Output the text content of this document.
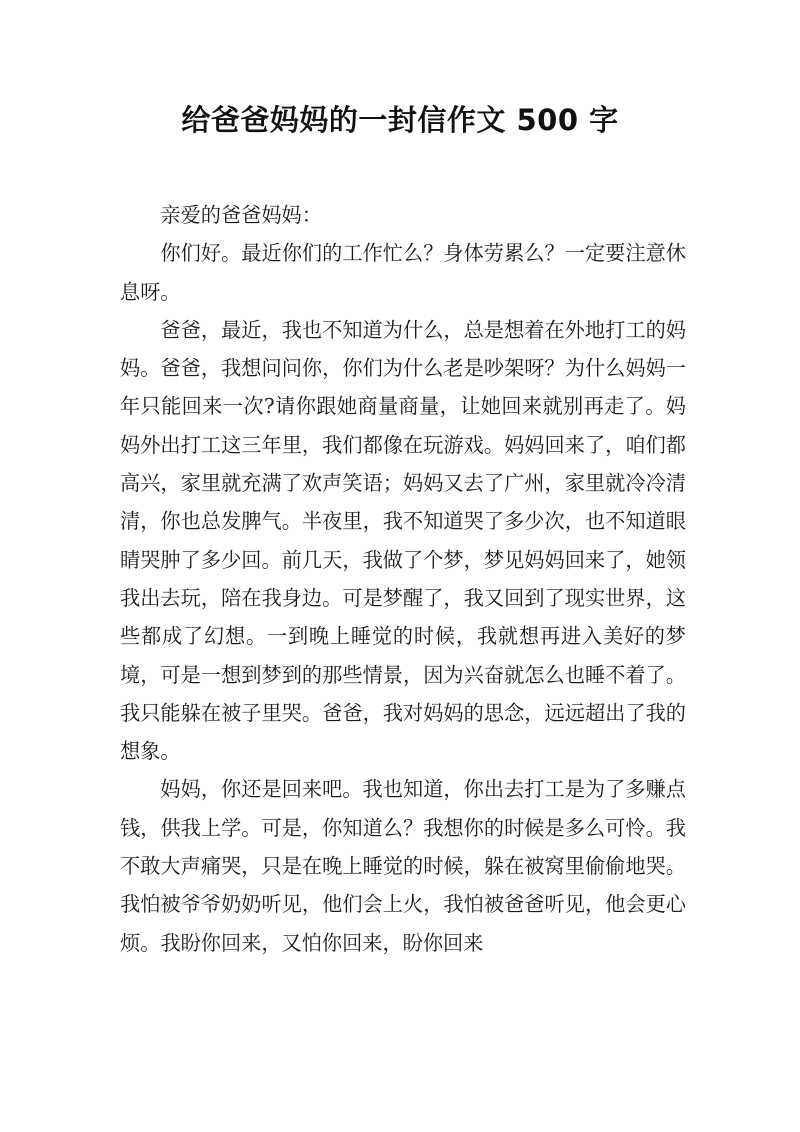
给爸爸妈妈的一封信作文 500 字

亲爱的爸爸妈妈：

你们好。最近你们的工作忙么？身体劳累么？一定要注意休息呀。

爸爸，最近，我也不知道为什么，总是想着在外地打工的妈妈。爸爸，我想问问你，你们为什么老是吵架呀？为什么妈妈一年只能回来一次?请你跟她商量商量，让她回来就别再走了。妈妈外出打工这三年里，我们都像在玩游戏。妈妈回来了，咱们都高兴，家里就充满了欢声笑语；妈妈又去了广州，家里就冷冷清清，你也总发脾气。半夜里，我不知道哭了多少次，也不知道眼睛哭肿了多少回。前几天，我做了个梦，梦见妈妈回来了，她领我出去玩，陪在我身边。可是梦醒了，我又回到了现实世界，这些都成了幻想。一到晚上睡觉的时候，我就想再进入美好的梦境，可是一想到梦到的那些情景，因为兴奋就怎么也睡不着了。我只能躲在被子里哭。爸爸，我对妈妈的思念，远远超出了我的想象。

妈妈，你还是回来吧。我也知道，你出去打工是为了多赚点钱，供我上学。可是，你知道么？我想你的时候是多么可怜。我不敢大声痛哭，只是在晚上睡觉的时候，躲在被窝里偷偷地哭。我怕被爷爷奶奶听见，他们会上火，我怕被爸爸听见，他会更心烦。我盼你回来，又怕你回来，盼你回来
